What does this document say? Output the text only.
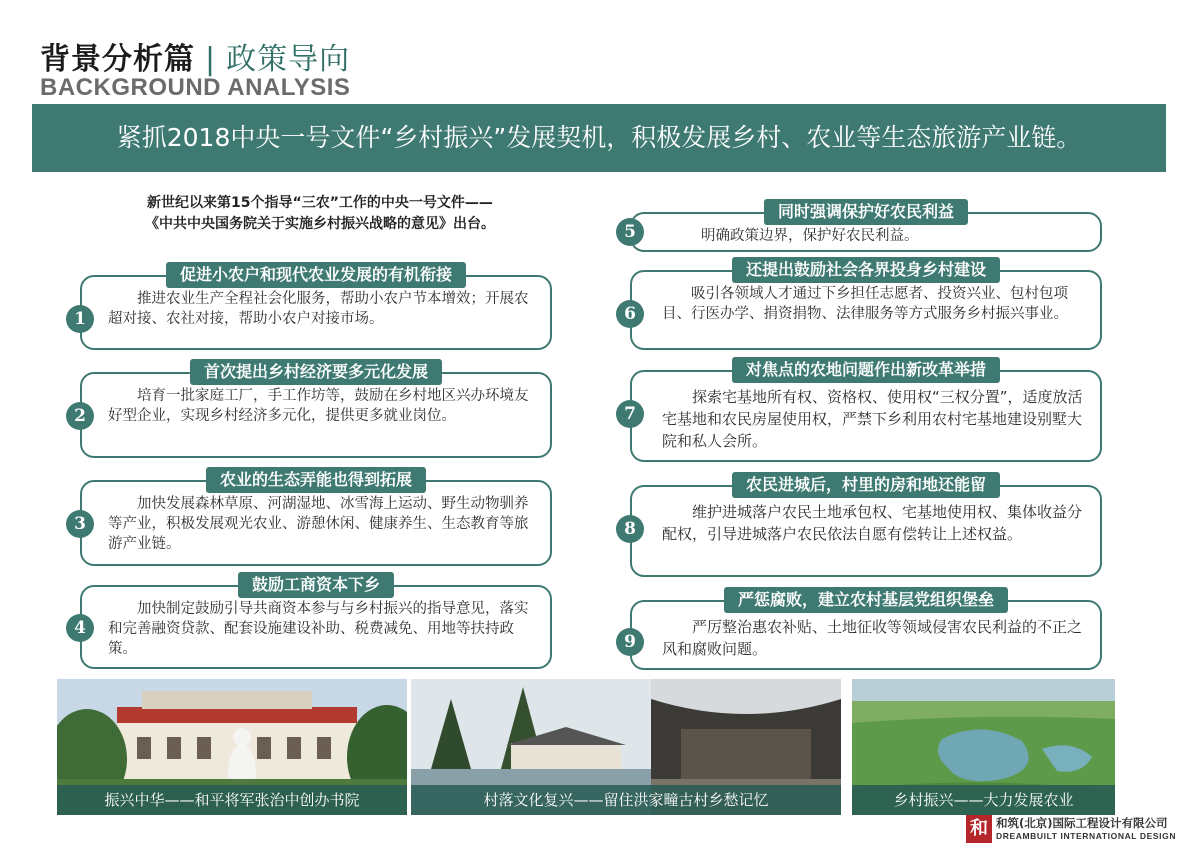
背景分析篇 | 政策导向
BACKGROUND ANALYSIS
紧抓2018中央一号文件“乡村振兴”发展契机，积极发展乡村、农业等生态旅游产业链。
新世纪以来第15个指导“三农”工作的中央一号文件——
《中共中央国务院关于实施乡村振兴战略的意见》出台。
促进小农户和现代农业发展的有机衔接
推进农业生产全程社会化服务，帮助小农户节本增效；开展农超对接、农社对接，帮助小农户对接市场。
1
首次提出乡村经济要多元化发展
培育一批家庭工厂，手工作坊等，鼓励在乡村地区兴办环境友好型企业，实现乡村经济多元化，提供更多就业岗位。
2
农业的生态弄能也得到拓展
加快发展森林草原、河湖湿地、冰雪海上运动、野生动物驯养等产业，积极发展观光农业、游憩休闲、健康养生、生态教育等旅游产业链。
3
鼓励工商资本下乡
加快制定鼓励引导共商资本参与与乡村振兴的指导意见，落实和完善融资贷款、配套设施建设补助、税费减免、用地等扶持政策。
4
同时强调保护好农民利益
明确政策边界，保护好农民利益。
5
还提出鼓励社会各界投身乡村建设
吸引各领域人才通过下乡担任志愿者、投资兴业、包村包项目、行医办学、捐资捐物、法律服务等方式服务乡村振兴事业。
6
对焦点的农地问题作出新改革举措
探索宅基地所有权、资格权、使用权“三权分置”，适度放活宅基地和农民房屋使用权，严禁下乡利用农村宅基地建设别墅大院和私人会所。
7
农民进城后，村里的房和地还能留
维护进城落户农民土地承包权、宅基地使用权、集体收益分配权，引导进城落户农民依法自愿有偿转让上述权益。
8
严惩腐败，建立农村基层党组织堡垒
严厉整治惠农补贴、土地征收等领域侵害农民利益的不正之风和腐败问题。
9
振兴中华——和平将军张治中创办书院	村落文化复兴——留住洪家疃古村乡愁记忆	乡村振兴——大力发展农业
和 和筑(北京)国际工程设计有限公司
DREAMBUILT INTERNATIONAL DESIGN
